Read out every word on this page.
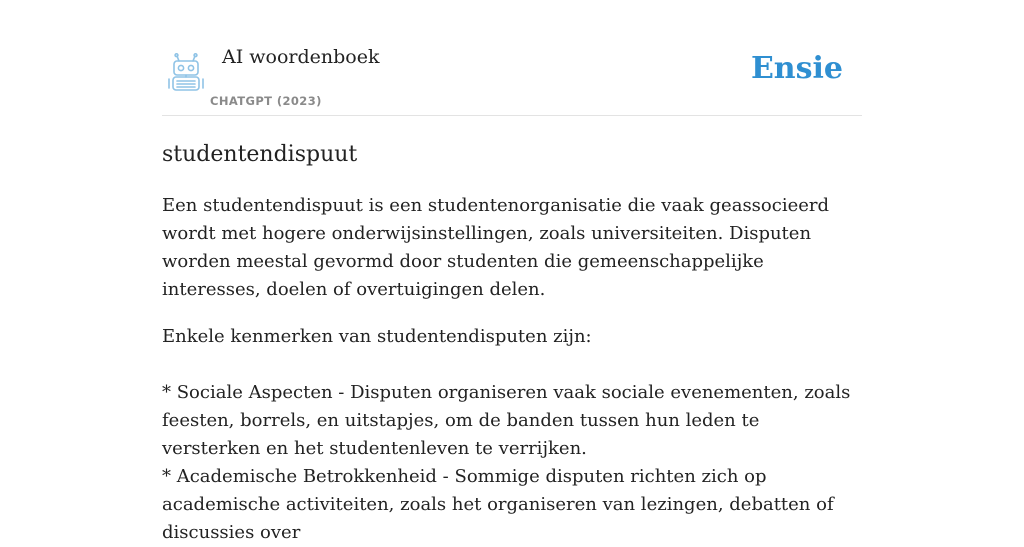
AI woordenboek
CHATGPT (2023)
Ensie
studentendispuut

Een studentendispuut is een studentenorganisatie die vaak geassocieerd wordt met hogere onderwijsinstellingen, zoals universiteiten. Disputen worden meestal gevormd door studenten die gemeenschappelijke interesses, doelen of overtuigingen delen.

Enkele kenmerken van studentendisputen zijn:

* Sociale Aspecten - Disputen organiseren vaak sociale evenementen, zoals feesten, borrels, en uitstapjes, om de banden tussen hun leden te versterken en het studentenleven te verrijken.
* Academische Betrokkenheid - Sommige disputen richten zich op academische activiteiten, zoals het organiseren van lezingen, debatten of discussies over
